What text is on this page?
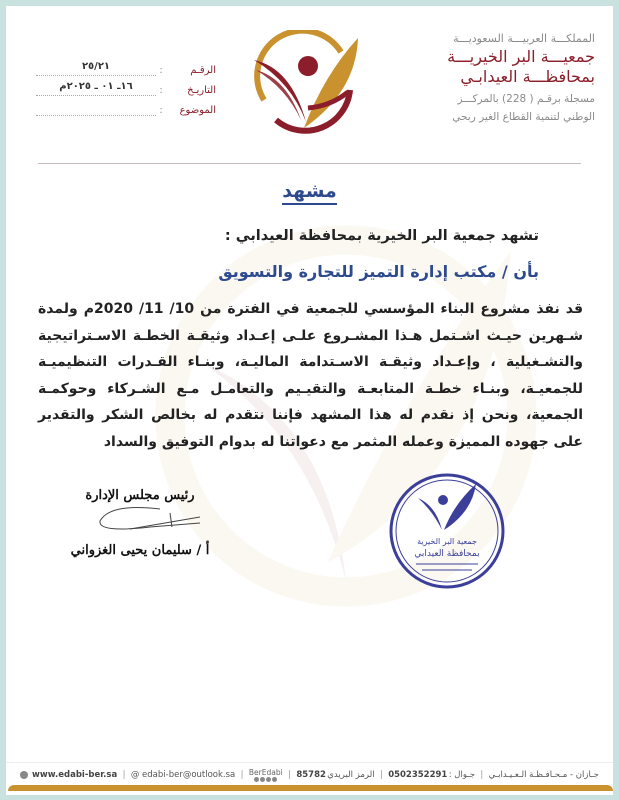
المملكـــة العربيـــة السعوديـــة
جمعيـــة البر الخيريـــة
بمحافظـــة العيدابـي
مسجلة برقـم ( 228) بالمركـــز
الوطني لتنمية القطاع الغير ربحي
الرقـم
:
٢٥/٢١
التاريـخ
:
١٦ـ ٠١ ـ ٢٠٢٥م
الموضوع
:
مشهد
تشهد جمعية البر الخيرية بمحافظة العيدابي :
بأن / مكتب إدارة التميز للتجارة والتسويق
قد نفذ مشروع البناء المؤسسي للجمعية في الفترة من 10/ 11/ 2020م ولمدة شـهرين حيـث اشـتمل هـذا المشـروع علـى إعـداد وثيقـة الخطـة الاسـتراتيجية والتشـغيلية ، وإعـداد وثيقـة الاسـتدامة الماليـة، وبنـاء القـدرات التنظيميـة للجمعيـة، وبنـاء خطـة المتابعـة والتقيـيم والتعامـل مـع الشـركاء وحوكمـة الجمعية، ونحن إذ نقدم له هذا المشهد فإننا نتقدم له بخالص الشكر والتقدير على جهوده المميزة وعمله المثمر مع دعواتنا له بدوام التوفيق والسداد
رئيس مجلس الإدارة
أ / سليمان يحيى الغزواني
جمعية البر الخيرية
بمحافظة العيدابي
www.edabi-ber.sa | @ edabi-ber@outlook.sa | BerEdabi | 85782 الرمز البريدي | 0502352291 جـوال : | جـازان - مـحـافـظـة الـعـيـدابـي
